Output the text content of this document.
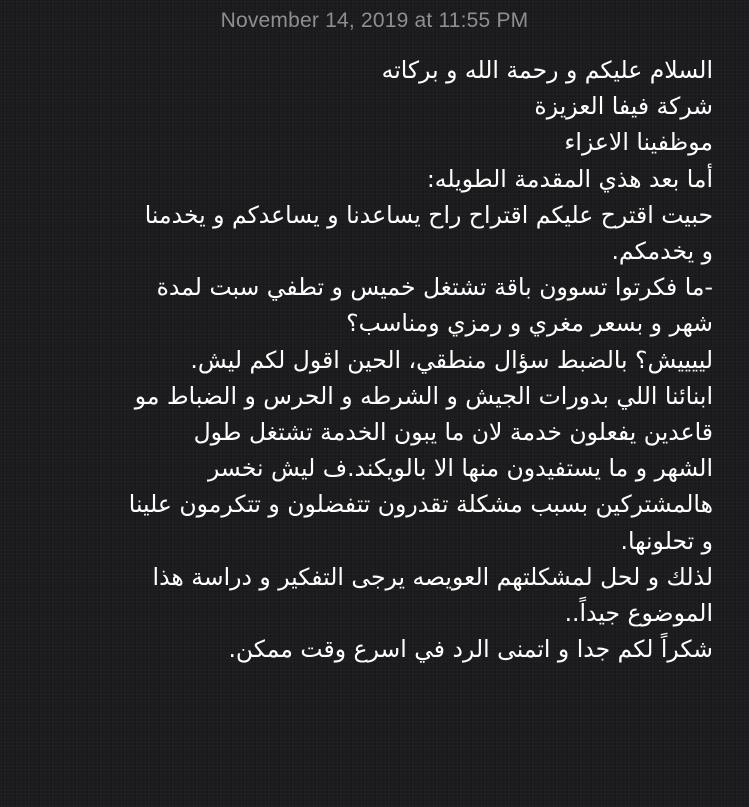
November 14, 2019 at 11:55 PM
السلام عليكم و رحمة الله و بركاته
شركة فيفا العزيزة
موظفينا الاعزاء
أما بعد هذي المقدمة الطويله:
حبيت اقترح عليكم اقتراح راح يساعدنا و يساعدكم و يخدمنا
و يخدمكم.
-ما فكرتوا تسوون باقة تشتغل خميس و تطفي سبت لمدة
شهر و بسعر مغري و رمزي ومناسب؟
لييييش؟ بالضبط سؤال منطقي، الحين اقول لكم ليش.
ابنائنا اللي بدورات الجيش و الشرطه و الحرس و الضباط مو
قاعدين يفعلون خدمة لان ما يبون الخدمة تشتغل طول
الشهر و ما يستفيدون منها الا بالويكند.ف ليش نخسر
هالمشتركين بسبب مشكلة تقدرون تتفضلون و تتكرمون علينا
و تحلونها.
لذلك و لحل لمشكلتهم العويصه يرجى التفكير و دراسة هذا
الموضوع جيداً..
شكراً لكم جدا و اتمنى الرد في اسرع وقت ممكن.
